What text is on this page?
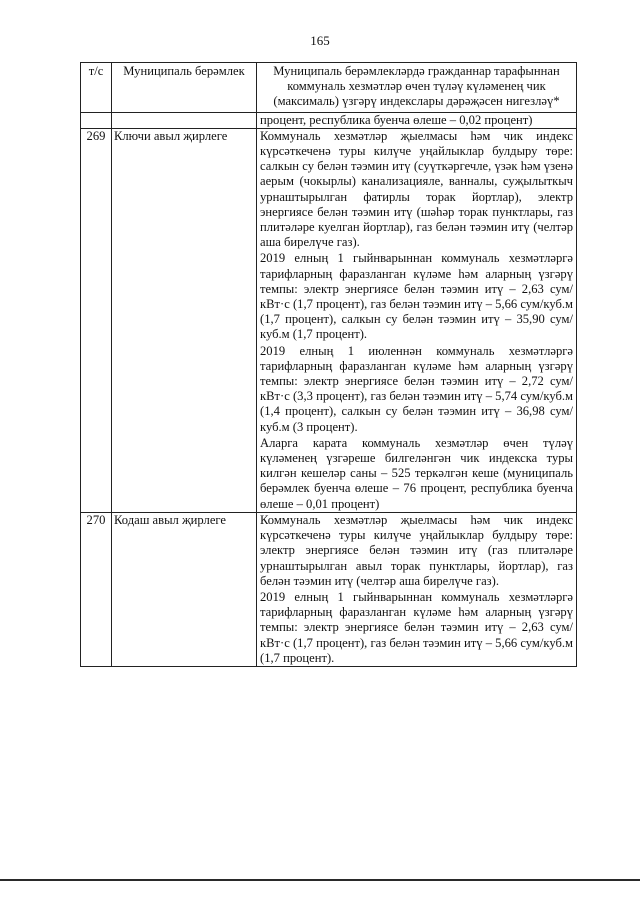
165
т/с	Муниципаль берәмлек	Муниципаль берәмлекләрдә гражданнар тарафыннан коммуналь хезмәтләр өчен түләү күләменең чик (максималь) үзгәрү индекслары дәрәҗәсен нигезләү*

		процент, республика буенча өлеше – 0,02 процент)

269	Ключи авыл җирлеге	Коммуналь хезмәтләр җыелмасы һәм чик индекс күрсәткеченә туры килүче уңайлыклар булдыру төре: салкын су белән тәэмин итү (суүткәргечле, үзәк һәм үзенә аерым (чокырлы) канализацияле, ванналы, суҗылыткыч урнаштырылган фатирлы торак йортлар), электр энергиясе белән тәэмин итү (шәһәр торак пунктлары, газ плитәләре куелган йортлар), газ белән тәэмин итү (челтәр аша бирелүче газ).

2019 елның 1 гыйнварыннан коммуналь хезмәтләргә тарифларның фаразланган күләме һәм аларның үзгәрү темпы: электр энергиясе белән тәэмин итү – 2,63 сум/кВт·с (1,7 процент), газ белән тәэмин итү – 5,66 сум/куб.м (1,7 процент), салкын су белән тәэмин итү – 35,90 сум/куб.м (1,7 процент).

2019 елның 1 июленнән коммуналь хезмәтләргә тарифларның фаразланган күләме һәм аларның үзгәрү темпы: электр энергиясе белән тәэмин итү – 2,72 сум/кВт·с (3,3 процент), газ белән тәэмин итү – 5,74 сум/куб.м (1,4 процент), салкын су белән тәэмин итү – 36,98 сум/куб.м (3 процент).

Аларга карата коммуналь хезмәтләр өчен түләү күләменең үзгәреше билгеләнгән чик индекска туры килгән кешеләр саны – 525 теркәлгән кеше (муниципаль берәмлек буенча өлеше – 76 процент, республика буенча өлеше – 0,01 процент)

270	Кодаш авыл җирлеге	Коммуналь хезмәтләр җыелмасы һәм чик индекс күрсәткеченә туры килүче уңайлыклар булдыру төре: электр энергиясе белән тәэмин итү (газ плитәләре урнаштырылган авыл торак пунктлары, йортлар), газ белән тәэмин итү (челтәр аша бирелүче газ).

2019 елның 1 гыйнварыннан коммуналь хезмәтләргә тарифларның фаразланган күләме һәм аларның үзгәрү темпы: электр энергиясе белән тәэмин итү – 2,63 сум/кВт·с (1,7 процент), газ белән тәэмин итү – 5,66 сум/куб.м (1,7 процент).
